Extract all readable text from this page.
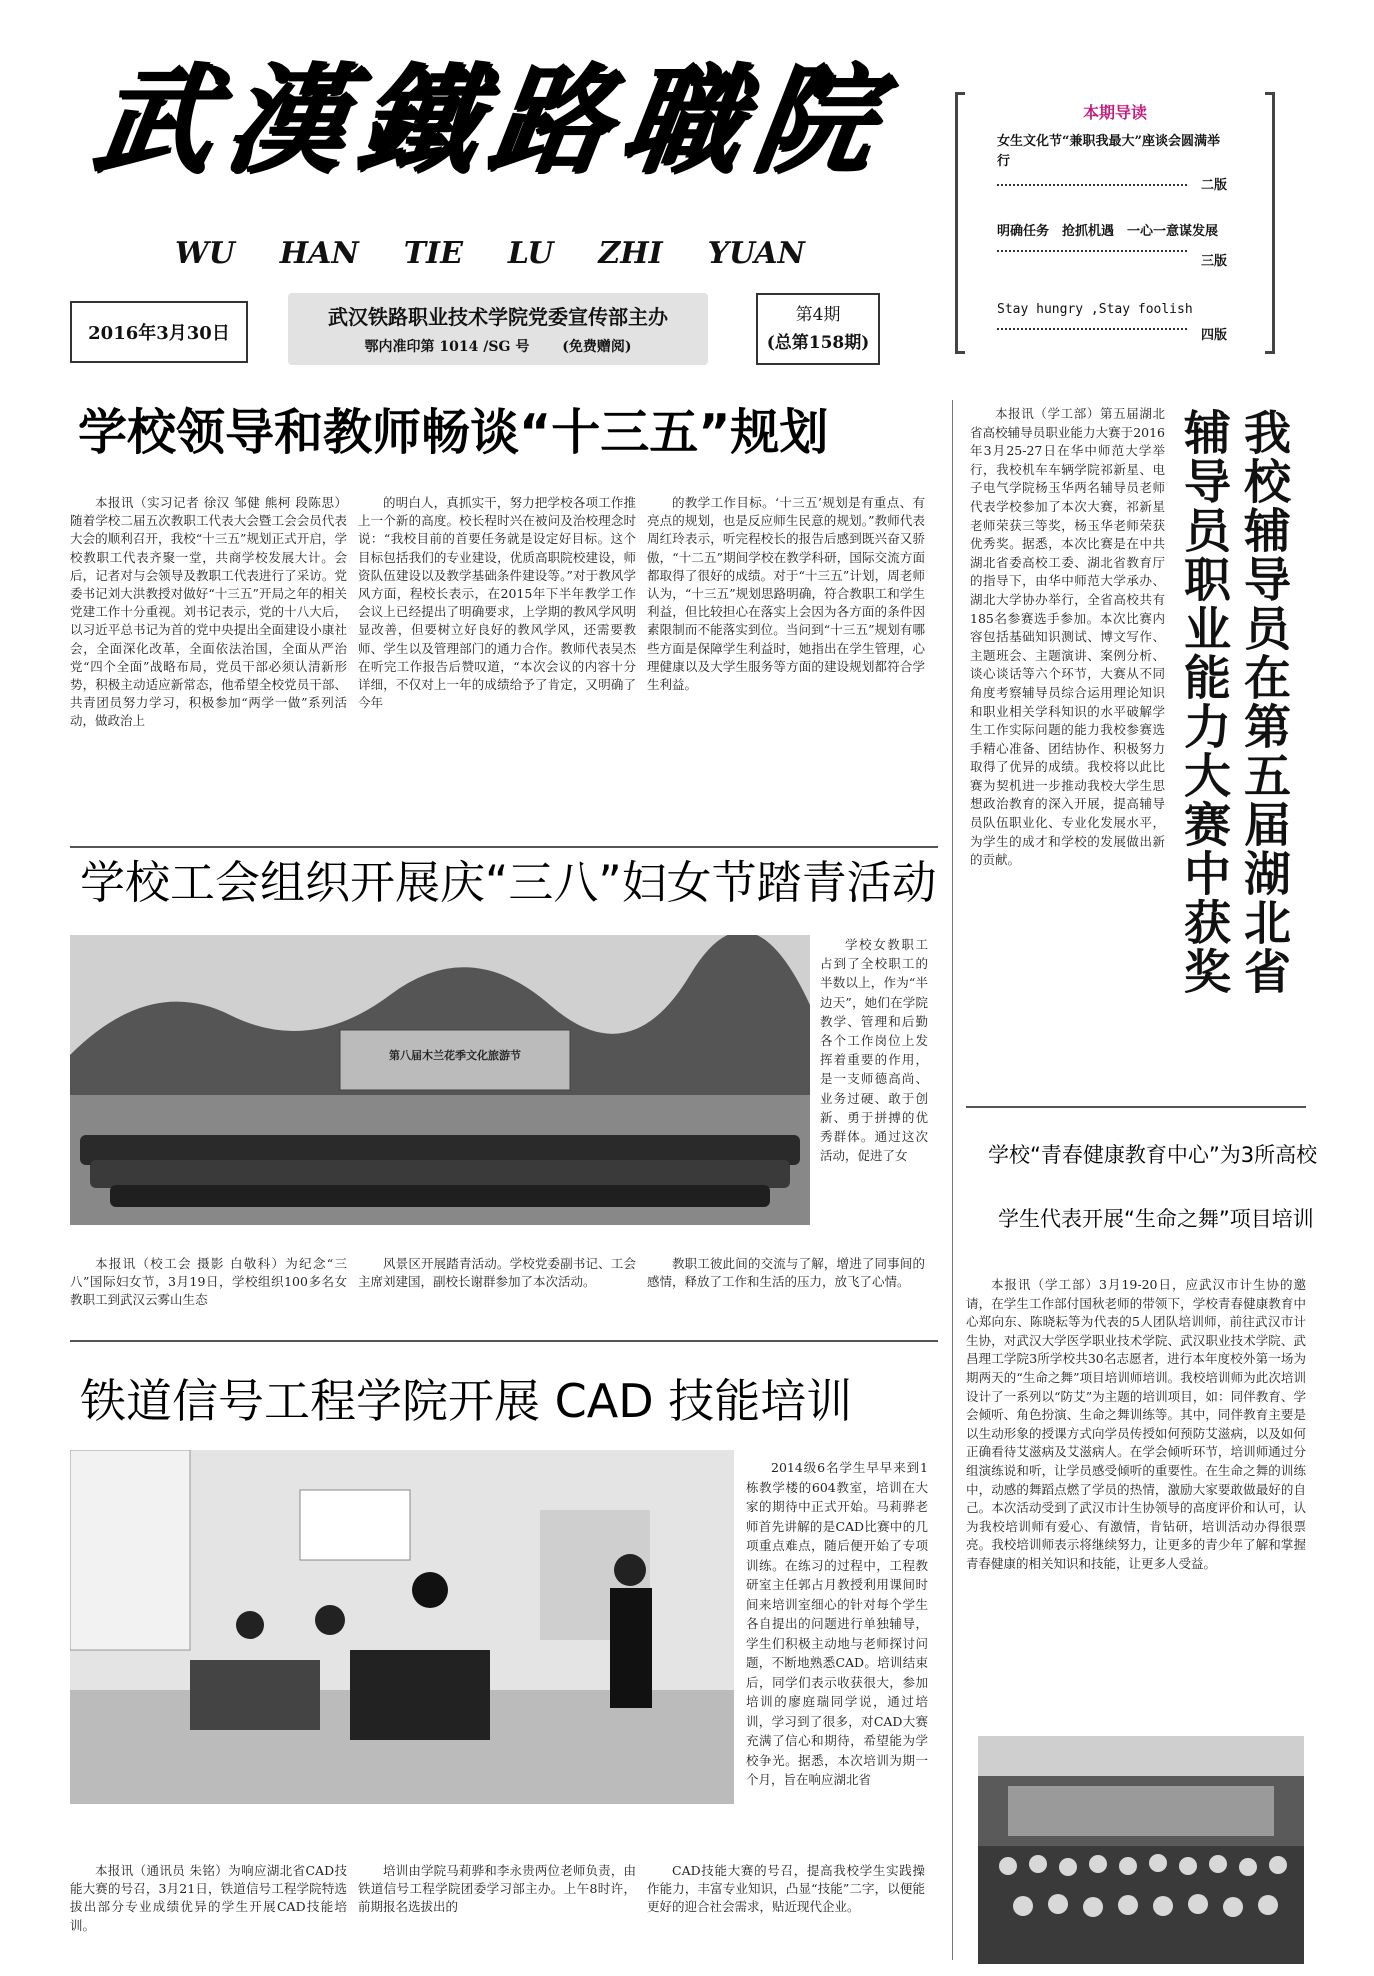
武漢鐵路職院
WU HAN TIE LU ZHI YUAN
2016年3月30日
武汉铁路职业技术学院党委宣传部主办
鄂内准印第 1014 /SG 号 (免费赠阅)
第4期
(总第158期)
本期导读
女生文化节“兼职我最大”座谈会圆满举行
二版
明确任务　抢抓机遇　一心一意谋发展
三版
Stay hungry ,Stay foolish
四版
学校领导和教师畅谈“十三五”规划

本报讯（实习记者 徐汉 邹健 熊柯 段陈思）随着学校二届五次教职工代表大会暨工会会员代表大会的顺利召开，我校“十三五”规划正式开启，学校教职工代表齐聚一堂，共商学校发展大计。会后，记者对与会领导及教职工代表进行了采访。党委书记刘大洪教授对做好“十三五”开局之年的相关党建工作十分重视。刘书记表示，党的十八大后，以习近平总书记为首的党中央提出全面建设小康社会，全面深化改革，全面依法治国，全面从严治党“四个全面”战略布局，党员干部必须认清新形势，积极主动适应新常态，他希望全校党员干部、共青团员努力学习，积极参加“两学一做”系列活动，做政治上

的明白人，真抓实干，努力把学校各项工作推上一个新的高度。校长程时兴在被问及治校理念时说：“我校目前的首要任务就是设定好目标。这个目标包括我们的专业建设，优质高职院校建设，师资队伍建设以及教学基础条件建设等。”对于教风学风方面，程校长表示，在2015年下半年教学工作会议上已经提出了明确要求，上学期的教风学风明显改善，但要树立好良好的教风学风，还需要教师、学生以及管理部门的通力合作。教师代表吴杰在听完工作报告后赞叹道，“本次会议的内容十分详细，不仅对上一年的成绩给予了肯定，又明确了今年

的教学工作目标。‘十三五’规划是有重点、有亮点的规划，也是反应师生民意的规划。”教师代表周红玲表示，听完程校长的报告后感到既兴奋又骄傲，“十二五”期间学校在教学科研，国际交流方面都取得了很好的成绩。对于“十三五”计划，周老师认为，“十三五”规划思路明确，符合教职工和学生利益，但比较担心在落实上会因为各方面的条件因素限制而不能落实到位。当问到“十三五”规划有哪些方面是保障学生利益时，她指出在学生管理，心理健康以及大学生服务等方面的建设规划都符合学生利益。

学校工会组织开展庆“三八”妇女节踏青活动
第八届木兰花季文化旅游节

学校女教职工占到了全校职工的半数以上，作为“半边天”，她们在学院教学、管理和后勤各个工作岗位上发挥着重要的作用，是一支师德高尚、业务过硬、敢于创新、勇于拼搏的优秀群体。通过这次活动，促进了女

本报讯（校工会 摄影 白敬科）为纪念“三八”国际妇女节，3月19日，学校组织100多名女教职工到武汉云雾山生态

风景区开展踏青活动。学校党委副书记、工会主席刘建国，副校长谢群参加了本次活动。

教职工彼此间的交流与了解，增进了同事间的感情，释放了工作和生活的压力，放飞了心情。

铁道信号工程学院开展 CAD 技能培训

2014级6名学生早早来到1栋教学楼的604教室，培训在大家的期待中正式开始。马莉骅老师首先讲解的是CAD比赛中的几项重点难点，随后便开始了专项训练。在练习的过程中，工程教研室主任郭占月教授利用课间时间来培训室细心的针对每个学生各自提出的问题进行单独辅导，学生们积极主动地与老师探讨问题，不断地熟悉CAD。培训结束后，同学们表示收获很大，参加培训的廖庭瑞同学说，通过培训，学习到了很多，对CAD大赛充满了信心和期待，希望能为学校争光。据悉，本次培训为期一个月，旨在响应湖北省

本报讯（通讯员 朱铭）为响应湖北省CAD技能大赛的号召，3月21日，铁道信号工程学院特选拔出部分专业成绩优异的学生开展CAD技能培训。

培训由学院马莉骅和李永贵两位老师负责，由铁道信号工程学院团委学习部主办。上午8时许，前期报名选拔出的

CAD技能大赛的号召，提高我校学生实践操作能力，丰富专业知识，凸显“技能”二字，以便能更好的迎合社会需求，贴近现代企业。

本报讯（学工部）第五届湖北省高校辅导员职业能力大赛于2016年3月25-27日在华中师范大学举行，我校机车车辆学院祁新星、电子电气学院杨玉华两名辅导员老师代表学校参加了本次大赛，祁新星老师荣获三等奖，杨玉华老师荣获优秀奖。据悉，本次比赛是在中共湖北省委高校工委、湖北省教育厅的指导下，由华中师范大学承办、湖北大学协办举行，全省高校共有185名参赛选手参加。本次比赛内容包括基础知识测试、博文写作、主题班会、主题演讲、案例分析、谈心谈话等六个环节，大赛从不同角度考察辅导员综合运用理论知识和职业相关学科知识的水平破解学生工作实际问题的能力我校参赛选手精心准备、团结协作、积极努力取得了优异的成绩。我校将以此比赛为契机进一步推动我校大学生思想政治教育的深入开展，提高辅导员队伍职业化、专业化发展水平，为学生的成才和学校的发展做出新的贡献。	我校辅导员在第五届湖北省
辅导员职业能力大赛中获奖
学校“青春健康教育中心”为3所高校
学生代表开展“生命之舞”项目培训

本报讯（学工部）3月19-20日，应武汉市计生协的邀请，在学生工作部付国秋老师的带领下，学校青春健康教育中心郑向东、陈晓耘等为代表的5人团队培训师，前往武汉市计生协，对武汉大学医学职业技术学院、武汉职业技术学院、武昌理工学院3所学校共30名志愿者，进行本年度校外第一场为期两天的“生命之舞”项目培训师培训。我校培训师为此次培训设计了一系列以“防艾”为主题的培训项目，如：同伴教育、学会倾听、角色扮演、生命之舞训练等。其中，同伴教育主要是以生动形象的授课方式向学员传授如何预防艾滋病，以及如何正确看待艾滋病及艾滋病人。在学会倾听环节，培训师通过分组演练说和听，让学员感受倾听的重要性。在生命之舞的训练中，动感的舞蹈点燃了学员的热情，激励大家要敢做最好的自己。本次活动受到了武汉市计生协领导的高度评价和认可，认为我校培训师有爱心、有激情，肯钻研，培训活动办得很票亮。我校培训师表示将继续努力，让更多的青少年了解和掌握青春健康的相关知识和技能，让更多人受益。
